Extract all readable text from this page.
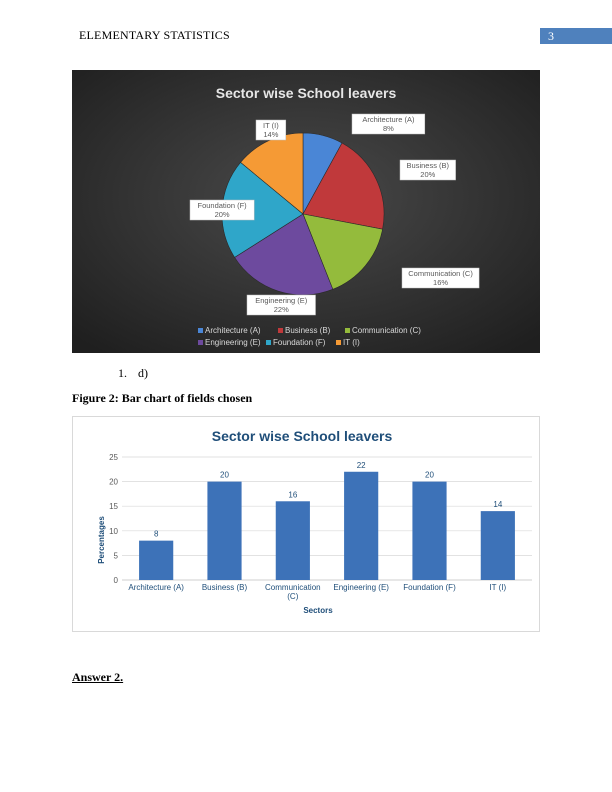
ELEMENTARY STATISTICS	3
Sector wise School leavers
Architecture (A)
8%
Business (B)
20%
Communication (C)
16%
Engineering (E)
22%
Foundation (F)
20%
IT (I)
14%
Architecture (A)	Business (B)	Communication (C)
Engineering (E) Foundation (F) IT (I)
1. d)
Figure 2: Bar chart of fields chosen
Sector wise School leavers
0
5
10
15
20
25
8
Architecture (A)
20
Business (B)
16
Communication (C)
22
Engineering (E)
20
Foundation (F)
14
IT (I)
Percentages
Sectors
Answer 2.
